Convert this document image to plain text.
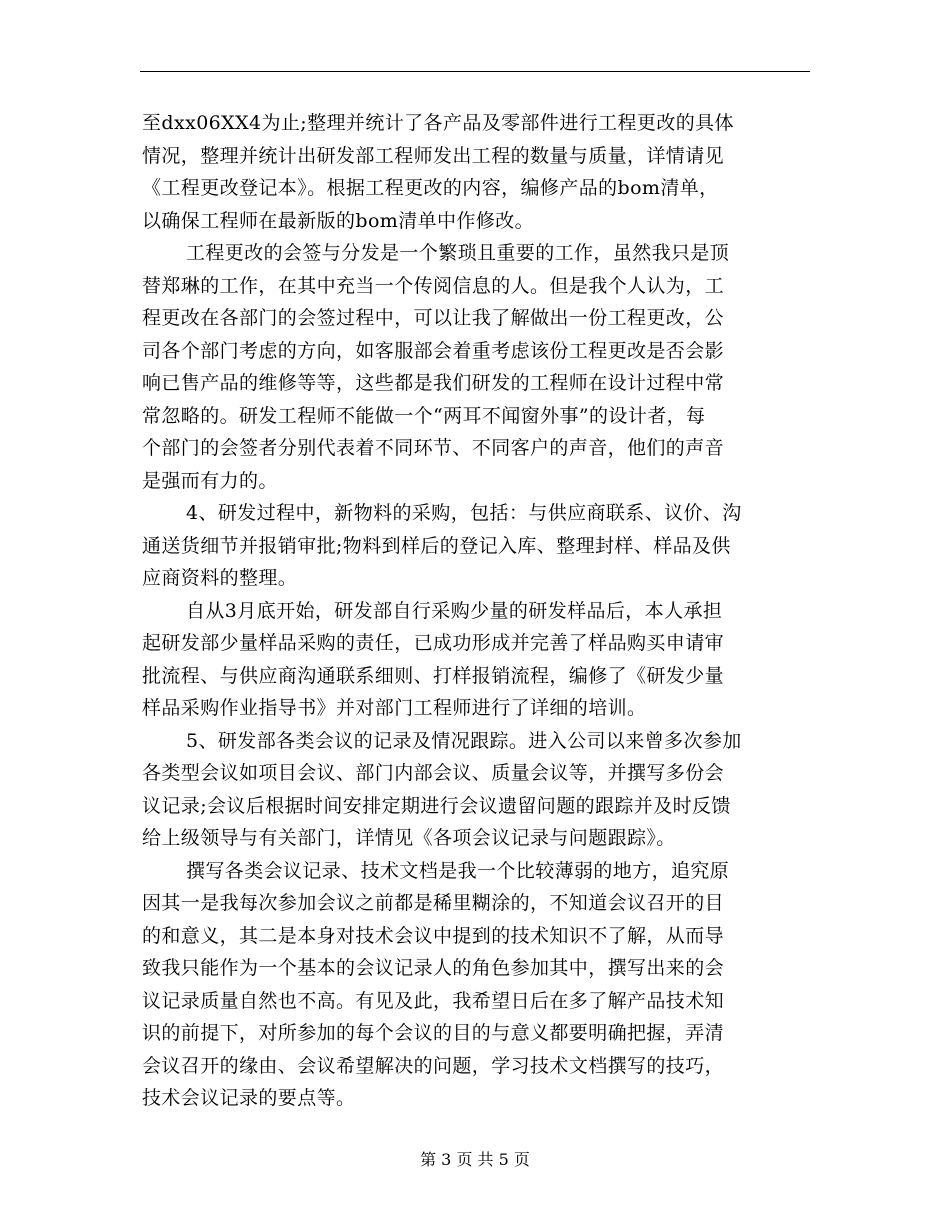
至dxx06XX4为止;整理并统计了各产品及零部件进行工程更改的具体
情况，整理并统计出研发部工程师发出工程的数量与质量，详情请见
《工程更改登记本》。根据工程更改的内容，编修产品的bom清单，
以确保工程师在最新版的bom清单中作修改。
工程更改的会签与分发是一个繁琐且重要的工作，虽然我只是顶
替郑琳的工作，在其中充当一个传阅信息的人。但是我个人认为，工
程更改在各部门的会签过程中，可以让我了解做出一份工程更改，公
司各个部门考虑的方向，如客服部会着重考虑该份工程更改是否会影
响已售产品的维修等等，这些都是我们研发的工程师在设计过程中常
常忽略的。研发工程师不能做一个“两耳不闻窗外事”的设计者，每
个部门的会签者分别代表着不同环节、不同客户的声音，他们的声音
是强而有力的。
4、研发过程中，新物料的采购，包括：与供应商联系、议价、沟
通送货细节并报销审批;物料到样后的登记入库、整理封样、样品及供
应商资料的整理。
自从3月底开始，研发部自行采购少量的研发样品后，本人承担
起研发部少量样品采购的责任，已成功形成并完善了样品购买申请审
批流程、与供应商沟通联系细则、打样报销流程，编修了《研发少量
样品采购作业指导书》并对部门工程师进行了详细的培训。
5、研发部各类会议的记录及情况跟踪。进入公司以来曾多次参加
各类型会议如项目会议、部门内部会议、质量会议等，并撰写多份会
议记录;会议后根据时间安排定期进行会议遗留问题的跟踪并及时反馈
给上级领导与有关部门，详情见《各项会议记录与问题跟踪》。
撰写各类会议记录、技术文档是我一个比较薄弱的地方，追究原
因其一是我每次参加会议之前都是稀里糊涂的，不知道会议召开的目
的和意义，其二是本身对技术会议中提到的技术知识不了解，从而导
致我只能作为一个基本的会议记录人的角色参加其中，撰写出来的会
议记录质量自然也不高。有见及此，我希望日后在多了解产品技术知
识的前提下，对所参加的每个会议的目的与意义都要明确把握，弄清
会议召开的缘由、会议希望解决的问题，学习技术文档撰写的技巧，
技术会议记录的要点等。
第 3 页 共 5 页
